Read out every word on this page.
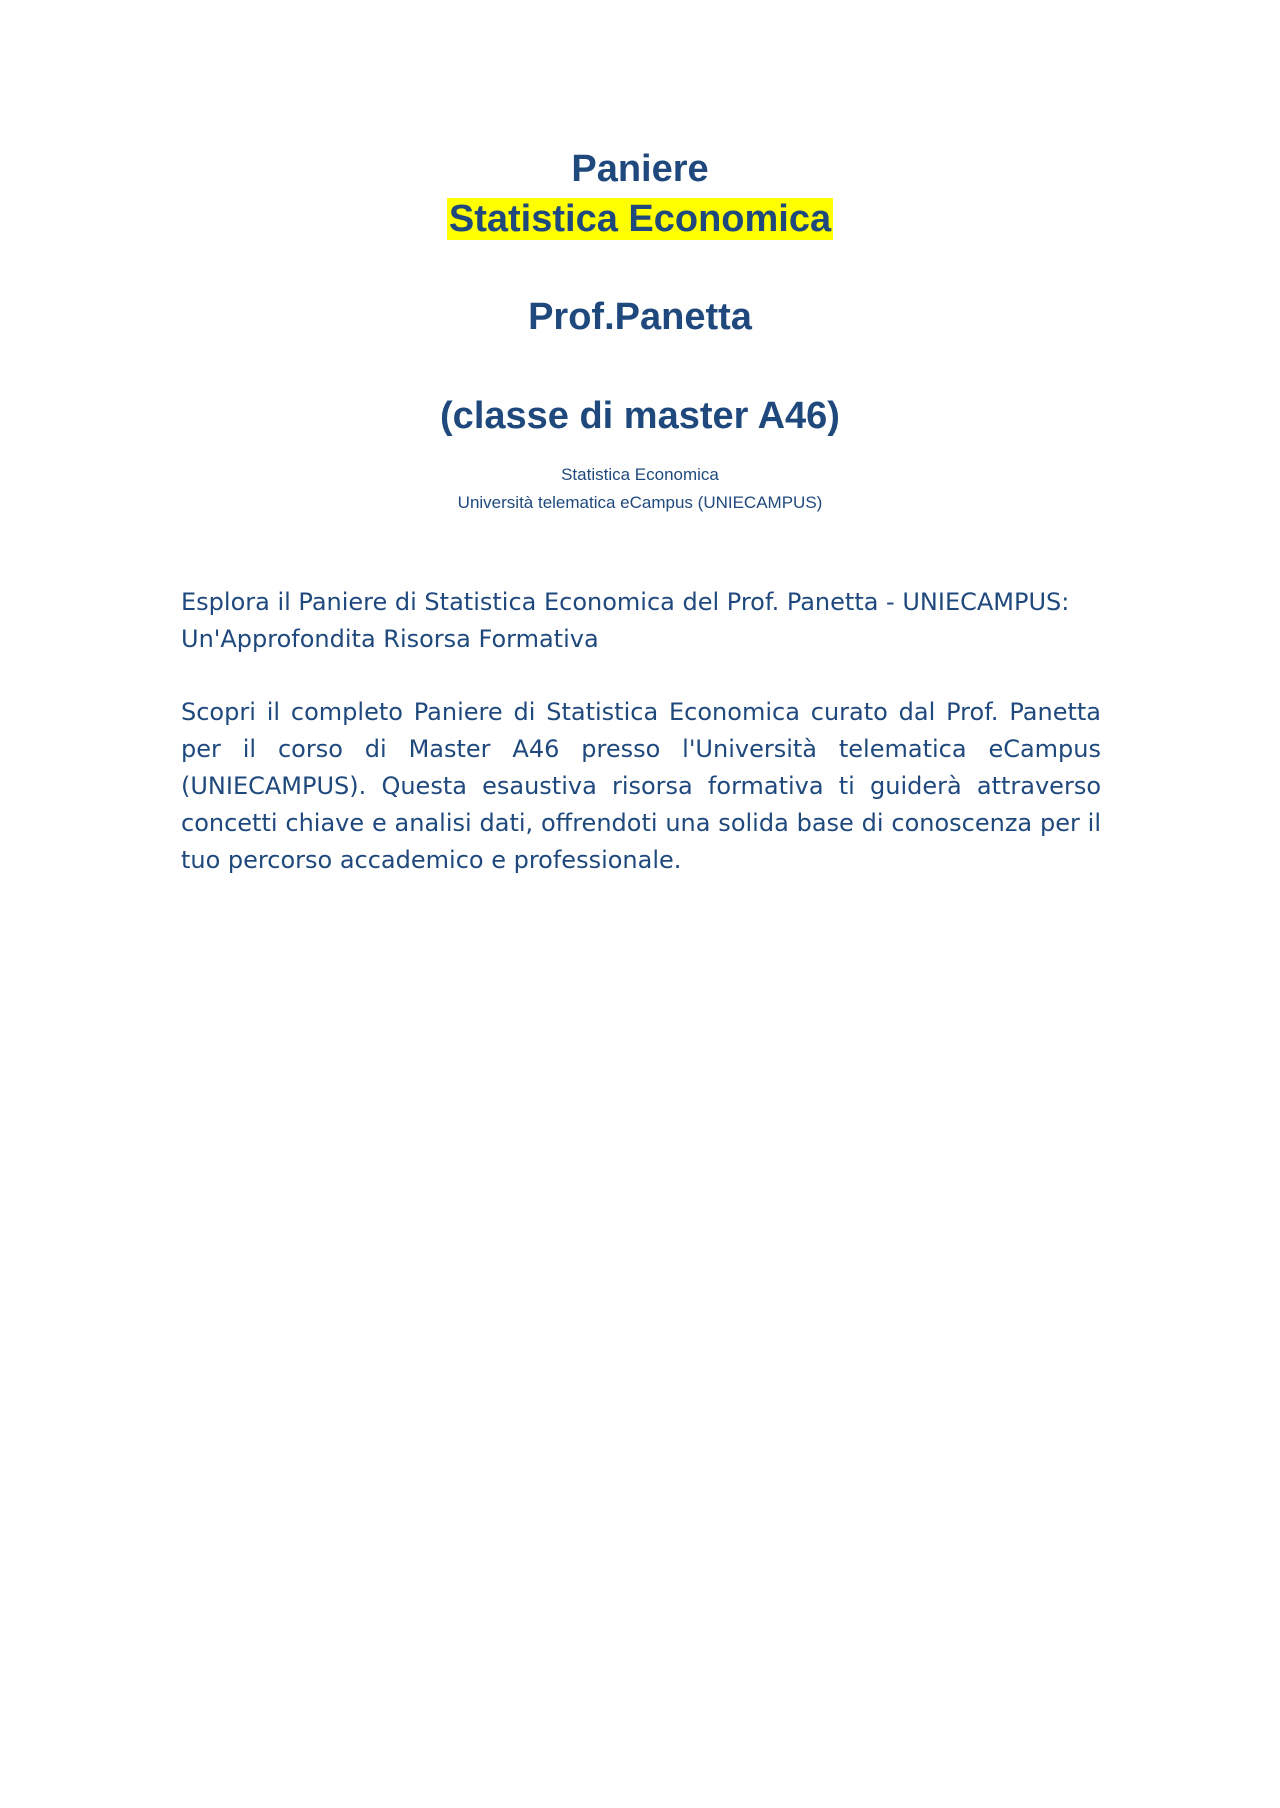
Paniere
Statistica Economica
Prof.Panetta
(classe di master A46)
Statistica Economica
Università telematica eCampus (UNIECAMPUS)
Esplora il Paniere di Statistica Economica del Prof. Panetta - UNIECAMPUS: Un'Approfondita Risorsa Formativa
Scopri il completo Paniere di Statistica Economica curato dal Prof. Panetta per il corso di Master A46 presso l'Università telematica eCampus (UNIECAMPUS). Questa esaustiva risorsa formativa ti guiderà attraverso concetti chiave e analisi dati, offrendoti una solida base di conoscenza per il tuo percorso accademico e professionale.
